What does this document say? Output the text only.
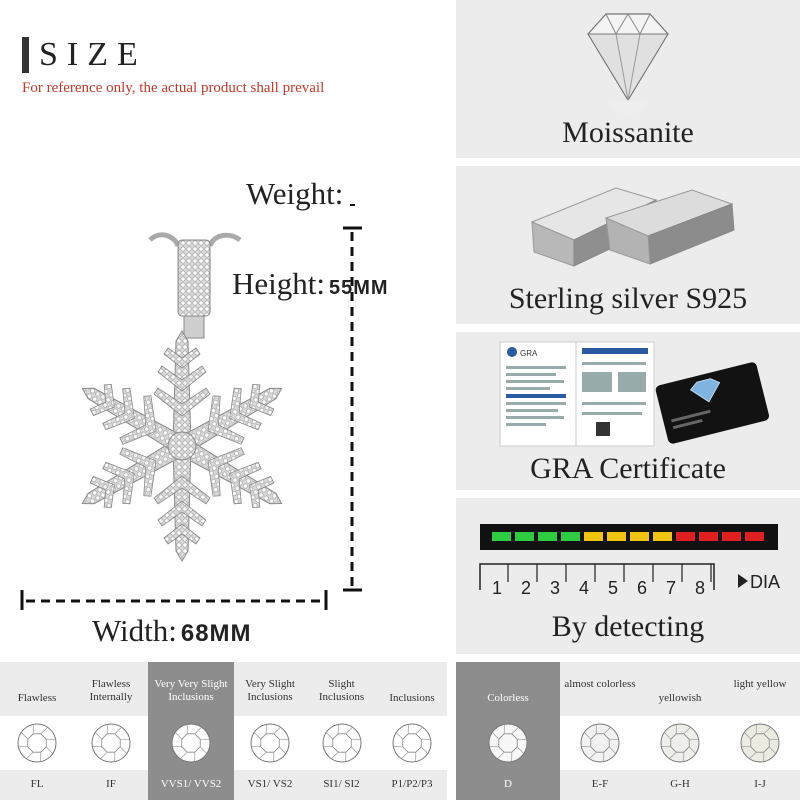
SIZE
For reference only, the actual product shall prevail
Weight:
Height: 55MM
Width: 68MM
Moissanite
Sterling silver S925
GRA
GRA Certificate
1 2 3 4 5 6 7 8 DIA
By detecting
Flawless
FL
Flawless Internally
IF
Very Very Slight Inclusions
VVS1/ VVS2
Very Slight Inclusions
VS1/ VS2
Slight Inclusions
SI1/ SI2
Inclusions
P1/P2/P3
Colorless
D
almost colorless
E-F
yellowish
G-H
light yellow
I-J
